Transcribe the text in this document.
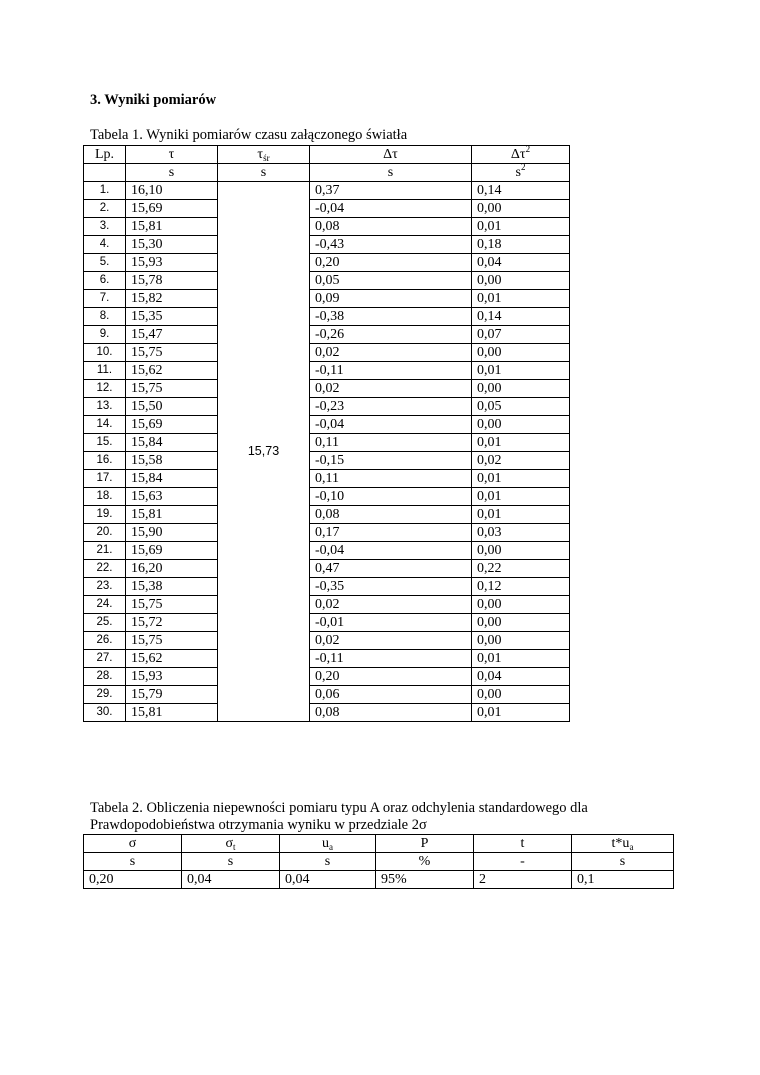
3. Wyniki pomiarów
Tabela 1. Wyniki pomiarów czasu załączonego światła
Lp.	τ	$\tau_{śr}$	Δτ	$\Delta\tau^2$
	s	s	s	$s^2$
1.	16,10	15,73	0,37	0,14
2.	15,69		-0,04	0,00
3.	15,81		0,08	0,01
4.	15,30		-0,43	0,18
5.	15,93		0,20	0,04
6.	15,78		0,05	0,00
7.	15,82		0,09	0,01
8.	15,35		-0,38	0,14
9.	15,47		-0,26	0,07
10.	15,75		0,02	0,00
11.	15,62		-0,11	0,01
12.	15,75		0,02	0,00
13.	15,50		-0,23	0,05
14.	15,69		-0,04	0,00
15.	15,84		0,11	0,01
16.	15,58		-0,15	0,02
17.	15,84		0,11	0,01
18.	15,63		-0,10	0,01
19.	15,81		0,08	0,01
20.	15,90		0,17	0,03
21.	15,69		-0,04	0,00
22.	16,20		0,47	0,22
23.	15,38		-0,35	0,12
24.	15,75		0,02	0,00
25.	15,72		-0,01	0,00
26.	15,75		0,02	0,00
27.	15,62		-0,11	0,01
28.	15,93		0,20	0,04
29.	15,79		0,06	0,00
30.	15,81		0,08	0,01
Tabela 2. Obliczenia niepewności pomiaru typu A oraz odchylenia standardowego dla
Prawdopodobieństwa otrzymania wyniku w przedziale 2σ
σ	$\sigma_t$	$u_a$	P	t	$t*u_a$
s	s	s	%	-	s
0,20	0,04	0,04	95%	2	0,1
